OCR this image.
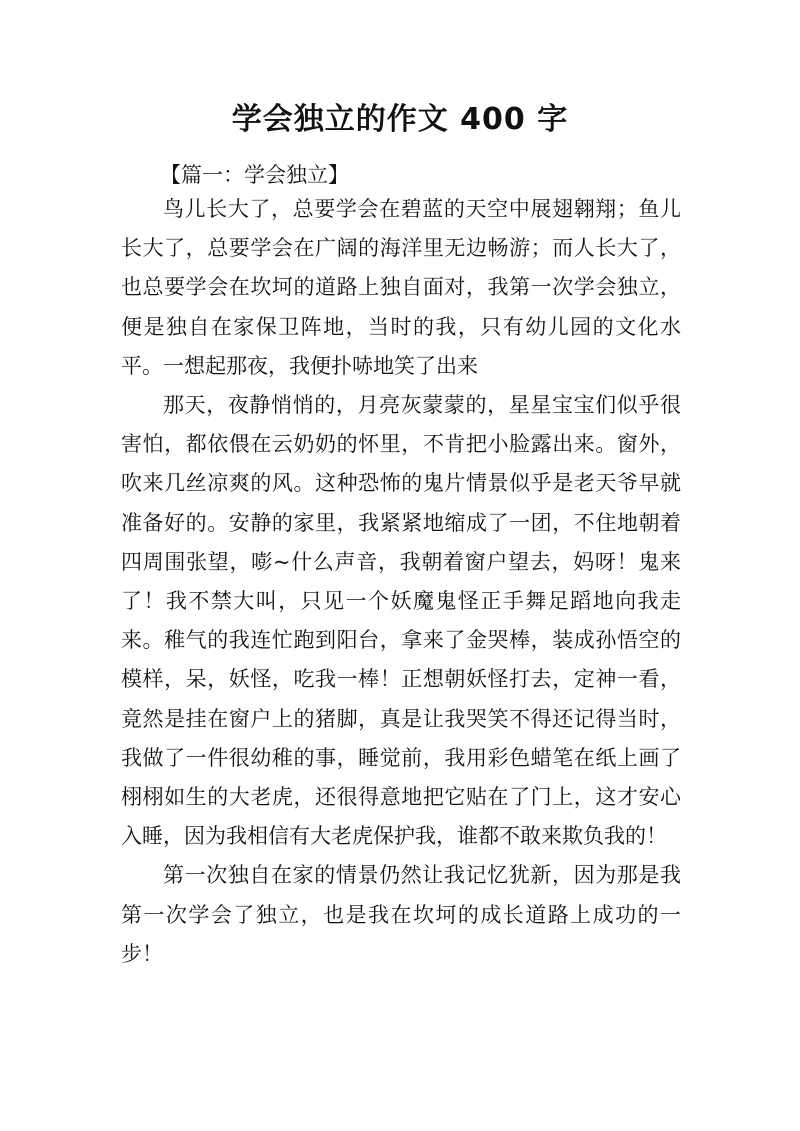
学会独立的作文 400 字
【篇一：学会独立】

鸟儿长大了，总要学会在碧蓝的天空中展翅翱翔；鱼儿长大了，总要学会在广阔的海洋里无边畅游；而人长大了，也总要学会在坎坷的道路上独自面对，我第一次学会独立，便是独自在家保卫阵地，当时的我，只有幼儿园的文化水平。一想起那夜，我便扑哧地笑了出来

那天，夜静悄悄的，月亮灰蒙蒙的，星星宝宝们似乎很害怕，都依偎在云奶奶的怀里，不肯把小脸露出来。窗外，吹来几丝凉爽的风。这种恐怖的鬼片情景似乎是老天爷早就准备好的。安静的家里，我紧紧地缩成了一团，不住地朝着四周围张望，嘭~什么声音，我朝着窗户望去，妈呀！鬼来了！我不禁大叫，只见一个妖魔鬼怪正手舞足蹈地向我走来。稚气的我连忙跑到阳台，拿来了金哭棒，装成孙悟空的模样，呆，妖怪，吃我一棒！正想朝妖怪打去，定神一看，竟然是挂在窗户上的猪脚，真是让我哭笑不得还记得当时，我做了一件很幼稚的事，睡觉前，我用彩色蜡笔在纸上画了栩栩如生的大老虎，还很得意地把它贴在了门上，这才安心入睡，因为我相信有大老虎保护我，谁都不敢来欺负我的！

第一次独自在家的情景仍然让我记忆犹新，因为那是我第一次学会了独立，也是我在坎坷的成长道路上成功的一步！
